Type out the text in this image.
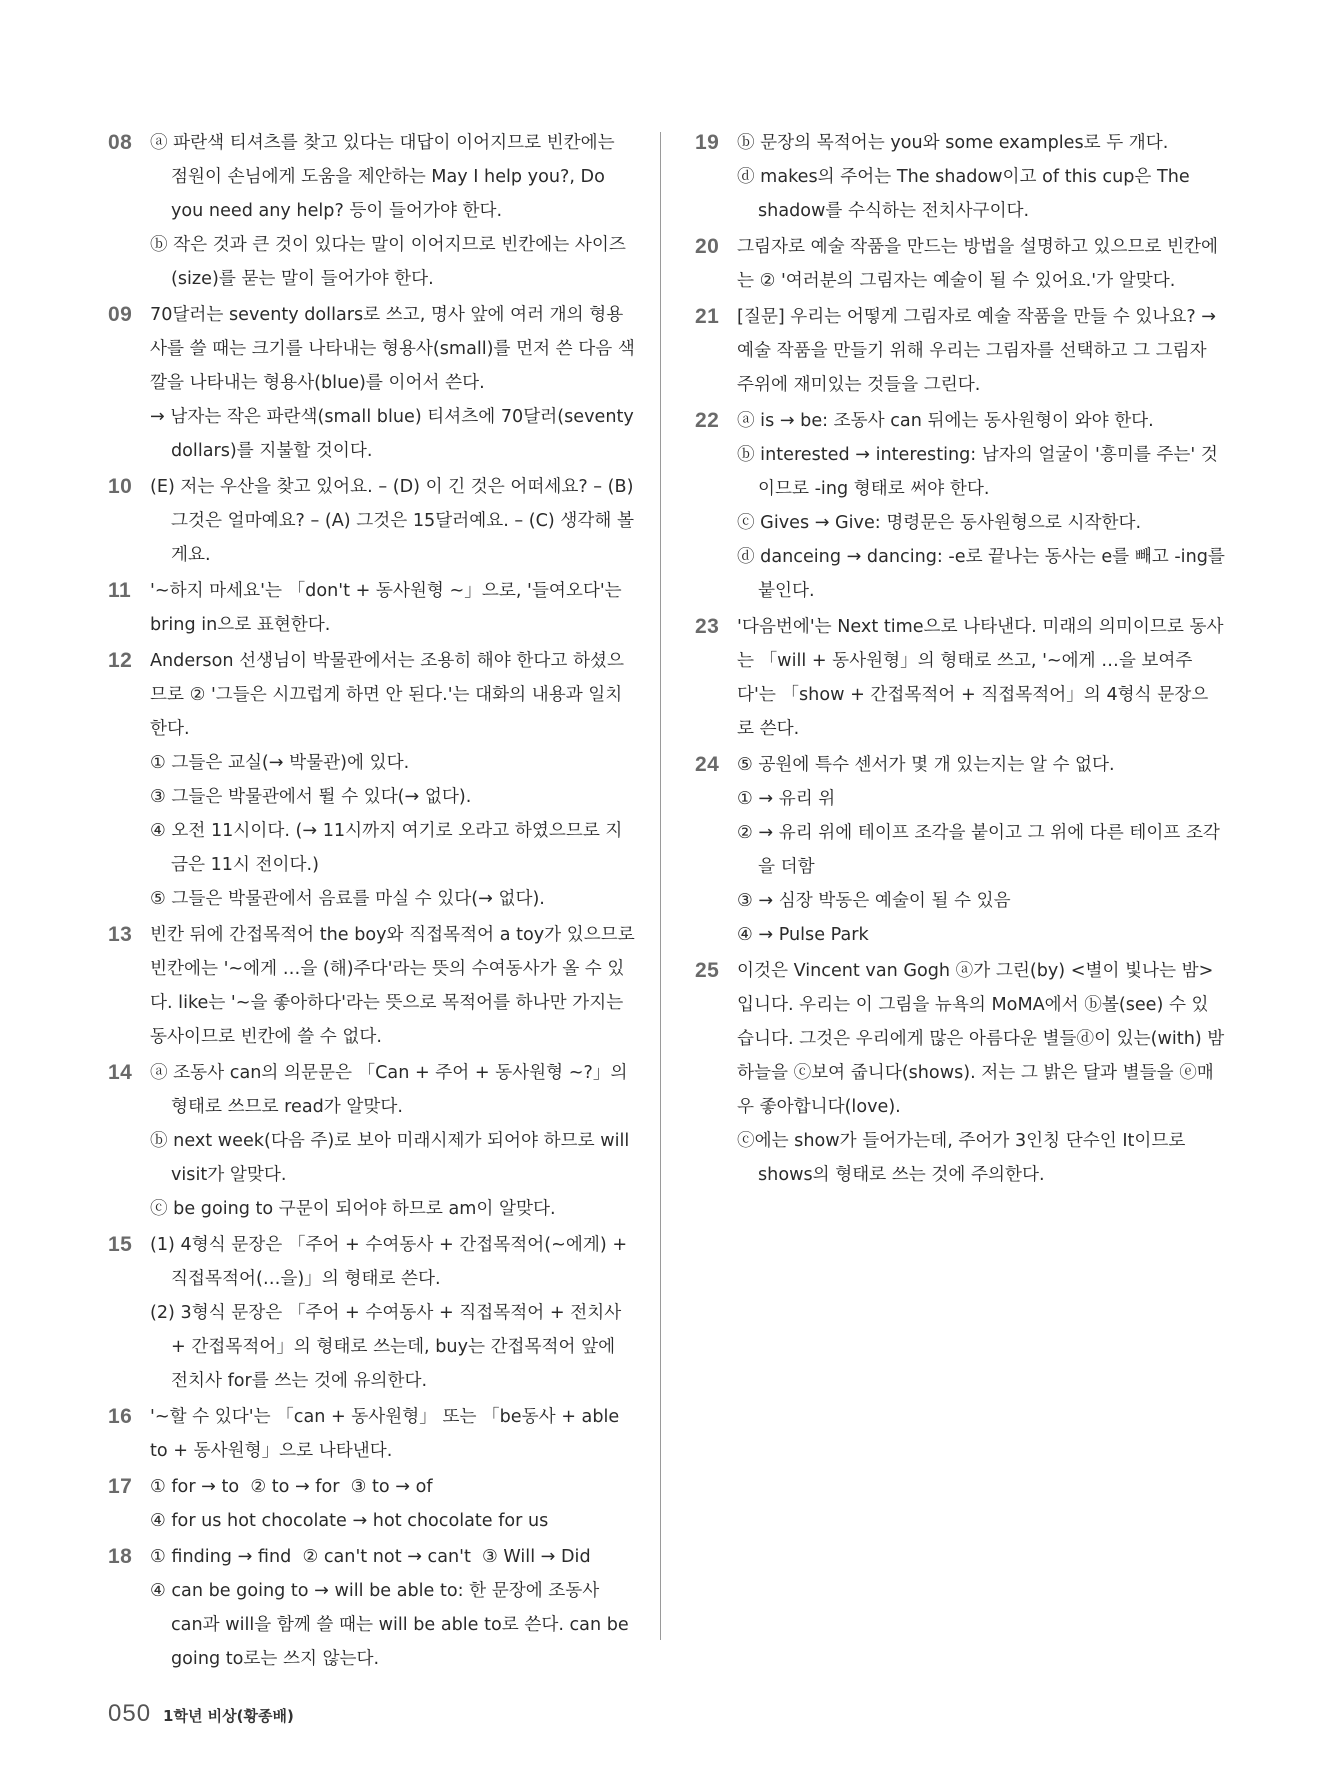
08 ⓐ 파란색 티셔츠를 찾고 있다는 대답이 이어지므로 빈칸에는 점원이 손님에게 도움을 제안하는 May I help you?, Do you need any help? 등이 들어가야 한다.
ⓑ 작은 것과 큰 것이 있다는 말이 이어지므로 빈칸에는 사이즈(size)를 묻는 말이 들어가야 한다.
09 70달러는 seventy dollars로 쓰고, 명사 앞에 여러 개의 형용사를 쓸 때는 크기를 나타내는 형용사(small)를 먼저 쓴 다음 색깔을 나타내는 형용사(blue)를 이어서 쓴다.
→ 남자는 작은 파란색(small blue) 티셔츠에 70달러(seventy dollars)를 지불할 것이다.
10 (E) 저는 우산을 찾고 있어요. – (D) 이 긴 것은 어떠세요? – (B) 그것은 얼마예요? – (A) 그것은 15달러예요. – (C) 생각해 볼게요.
11 '~하지 마세요'는 「don't + 동사원형 ~」으로, '들여오다'는 bring in으로 표현한다.
12 Anderson 선생님이 박물관에서는 조용히 해야 한다고 하셨으므로 ② '그들은 시끄럽게 하면 안 된다.'는 대화의 내용과 일치한다.
① 그들은 교실(→ 박물관)에 있다.
③ 그들은 박물관에서 뛸 수 있다(→ 없다).
④ 오전 11시이다. (→ 11시까지 여기로 오라고 하였으므로 지금은 11시 전이다.)
⑤ 그들은 박물관에서 음료를 마실 수 있다(→ 없다).
13 빈칸 뒤에 간접목적어 the boy와 직접목적어 a toy가 있으므로 빈칸에는 '~에게 …을 (해)주다'라는 뜻의 수여동사가 올 수 있다. like는 '~을 좋아하다'라는 뜻으로 목적어를 하나만 가지는 동사이므로 빈칸에 쓸 수 없다.
14 ⓐ 조동사 can의 의문문은 「Can + 주어 + 동사원형 ~?」의 형태로 쓰므로 read가 알맞다.
ⓑ next week(다음 주)로 보아 미래시제가 되어야 하므로 will visit가 알맞다.
ⓒ be going to 구문이 되어야 하므로 am이 알맞다.
15 (1) 4형식 문장은 「주어 + 수여동사 + 간접목적어(~에게) + 직접목적어(…을)」의 형태로 쓴다.
(2) 3형식 문장은 「주어 + 수여동사 + 직접목적어 + 전치사 + 간접목적어」의 형태로 쓰는데, buy는 간접목적어 앞에 전치사 for를 쓰는 것에 유의한다.
16 '~할 수 있다'는 「can + 동사원형」 또는 「be동사 + able to + 동사원형」으로 나타낸다.
17 ① for → to  ② to → for  ③ to → of
④ for us hot chocolate → hot chocolate for us
18 ① finding → find  ② can't not → can't  ③ Will → Did
④ can be going to → will be able to: 한 문장에 조동사 can과 will을 함께 쓸 때는 will be able to로 쓴다. can be going to로는 쓰지 않는다.
19 ⓑ 문장의 목적어는 you와 some examples로 두 개다.
ⓓ makes의 주어는 The shadow이고 of this cup은 The shadow를 수식하는 전치사구이다.
20 그림자로 예술 작품을 만드는 방법을 설명하고 있으므로 빈칸에는 ② '여러분의 그림자는 예술이 될 수 있어요.'가 알맞다.
21 [질문] 우리는 어떻게 그림자로 예술 작품을 만들 수 있나요? → 예술 작품을 만들기 위해 우리는 그림자를 선택하고 그 그림자 주위에 재미있는 것들을 그린다.
22 ⓐ is → be: 조동사 can 뒤에는 동사원형이 와야 한다.
ⓑ interested → interesting: 남자의 얼굴이 '흥미를 주는' 것이므로 -ing 형태로 써야 한다.
ⓒ Gives → Give: 명령문은 동사원형으로 시작한다.
ⓓ danceing → dancing: -e로 끝나는 동사는 e를 빼고 -ing를 붙인다.
23 '다음번에'는 Next time으로 나타낸다. 미래의 의미이므로 동사는 「will + 동사원형」의 형태로 쓰고, '~에게 …을 보여주다'는 「show + 간접목적어 + 직접목적어」의 4형식 문장으로 쓴다.
24 ⑤ 공원에 특수 센서가 몇 개 있는지는 알 수 없다.
① → 유리 위
② → 유리 위에 테이프 조각을 붙이고 그 위에 다른 테이프 조각을 더함
③ → 심장 박동은 예술이 될 수 있음
④ → Pulse Park
25 이것은 Vincent van Gogh ⓐ가 그린(by) <별이 빛나는 밤>입니다. 우리는 이 그림을 뉴욕의 MoMA에서 ⓑ볼(see) 수 있습니다. 그것은 우리에게 많은 아름다운 별들ⓓ이 있는(with) 밤하늘을 ⓒ보여 줍니다(shows). 저는 그 밝은 달과 별들을 ⓔ매우 좋아합니다(love).
ⓒ에는 show가 들어가는데, 주어가 3인칭 단수인 It이므로 shows의 형태로 쓰는 것에 주의한다.
050 1학년 비상(황종배)
